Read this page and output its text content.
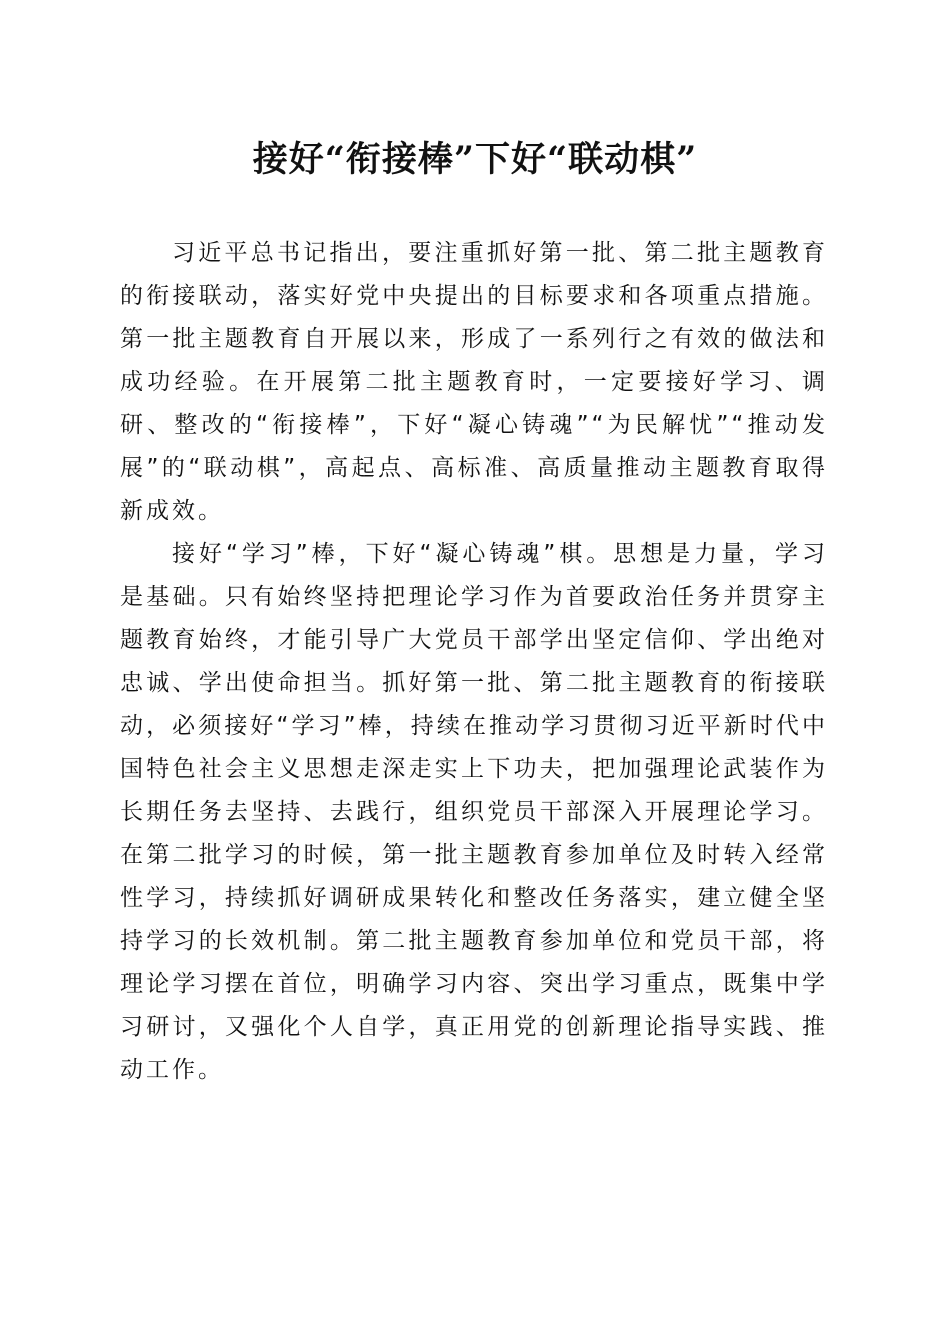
接好“衔接棒”下好“联动棋”

习近平总书记指出，要注重抓好第一批、第二批主题教育的衔接联动，落实好党中央提出的目标要求和各项重点措施。第一批主题教育自开展以来，形成了一系列行之有效的做法和成功经验。在开展第二批主题教育时，一定要接好学习、调研、整改的“衔接棒”，下好“凝心铸魂”“为民解忧”“推动发展”的“联动棋”，高起点、高标准、高质量推动主题教育取得新成效。

接好“学习”棒，下好“凝心铸魂”棋。思想是力量，学习是基础。只有始终坚持把理论学习作为首要政治任务并贯穿主题教育始终，才能引导广大党员干部学出坚定信仰、学出绝对忠诚、学出使命担当。抓好第一批、第二批主题教育的衔接联动，必须接好“学习”棒，持续在推动学习贯彻习近平新时代中国特色社会主义思想走深走实上下功夫，把加强理论武装作为长期任务去坚持、去践行，组织党员干部深入开展理论学习。在第二批学习的时候，第一批主题教育参加单位及时转入经常性学习，持续抓好调研成果转化和整改任务落实，建立健全坚持学习的长效机制。第二批主题教育参加单位和党员干部，将理论学习摆在首位，明确学习内容、突出学习重点，既集中学习研讨，又强化个人自学，真正用党的创新理论指导实践、推动工作。
